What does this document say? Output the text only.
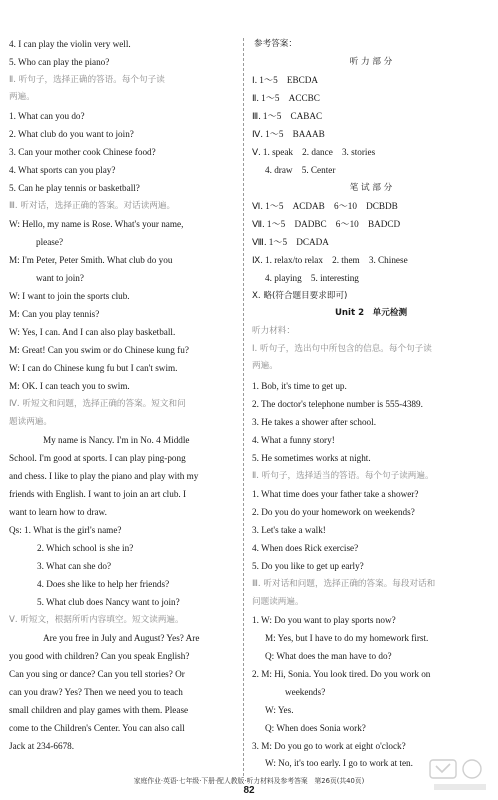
4. I can play the violin very well.
5. Who can play the piano?
Ⅱ. 听句子，选择正确的答语。每个句子读
两遍。
1. What can you do?
2. What club do you want to join?
3. Can your mother cook Chinese food?
4. What sports can you play?
5. Can he play tennis or basketball?
Ⅲ. 听对话，选择正确的答案。对话读两遍。
W: Hello, my name is Rose. What's your name,
please?
M: I'm Peter, Peter Smith. What club do you
want to join?
W: I want to join the sports club.
M: Can you play tennis?
W: Yes, I can. And I can also play basketball.
M: Great! Can you swim or do Chinese kung fu?
W: I can do Chinese kung fu but I can't swim.
M: OK. I can teach you to swim.
Ⅳ. 听短文和问题，选择正确的答案。短文和问
题读两遍。
My name is Nancy. I'm in No. 4 Middle
School. I'm good at sports. I can play ping-pong
and chess. I like to play the piano and play with my
friends with English. I want to join an art club. I
want to learn how to draw.
Qs: 1. What is the girl's name?
2. Which school is she in?
3. What can she do?
4. Does she like to help her friends?
5. What club does Nancy want to join?
Ⅴ. 听短文，根据所听内容填空。短文读两遍。
Are you free in July and August? Yes? Are
you good with children? Can you speak English?
Can you sing or dance? Can you tell stories? Or
can you draw? Yes? Then we need you to teach
small children and play games with them. Please
come to the Children's Center. You can also call
Jack at 234-6678.
参考答案：
听 力 部 分
Ⅰ. 1～5　EBCDA
Ⅱ. 1～5　ACCBC
Ⅲ. 1～5　CABAC
Ⅳ. 1～5　BAAAB
Ⅴ. 1. speak　2. dance　3. stories
4. draw　5. Center
笔 试 部 分
Ⅵ. 1～5　ACDAB　6～10　DCBDB
Ⅶ. 1～5　DADBC　6～10　BADCD
Ⅷ. 1～5　DCADA
Ⅸ. 1. relax/to relax　2. them　3. Chinese
4. playing　5. interesting
Ⅹ. 略(符合题目要求即可)
Unit 2　单元检测
听力材料：
Ⅰ. 听句子，选出句中所包含的信息。每个句子读
两遍。
1. Bob, it's time to get up.
2. The doctor's telephone number is 555-4389.
3. He takes a shower after school.
4. What a funny story!
5. He sometimes works at night.
Ⅱ. 听句子，选择适当的答语。每个句子读两遍。
1. What time does your father take a shower?
2. Do you do your homework on weekends?
3. Let's take a walk!
4. When does Rick exercise?
5. Do you like to get up early?
Ⅲ. 听对话和问题，选择正确的答案。每段对话和
问题读两遍。
1. W: Do you want to play sports now?
M: Yes, but I have to do my homework first.
Q: What does the man have to do?
2. M: Hi, Sonia. You look tired. Do you work on
weekends?
W: Yes.
Q: When does Sonia work?
3. M: Do you go to work at eight o'clock?
W: No, it's too early. I go to work at ten.
家庭作业·英语·七年级·下册·配人教版·听力材料及参考答案　第26页(共40页)
82
